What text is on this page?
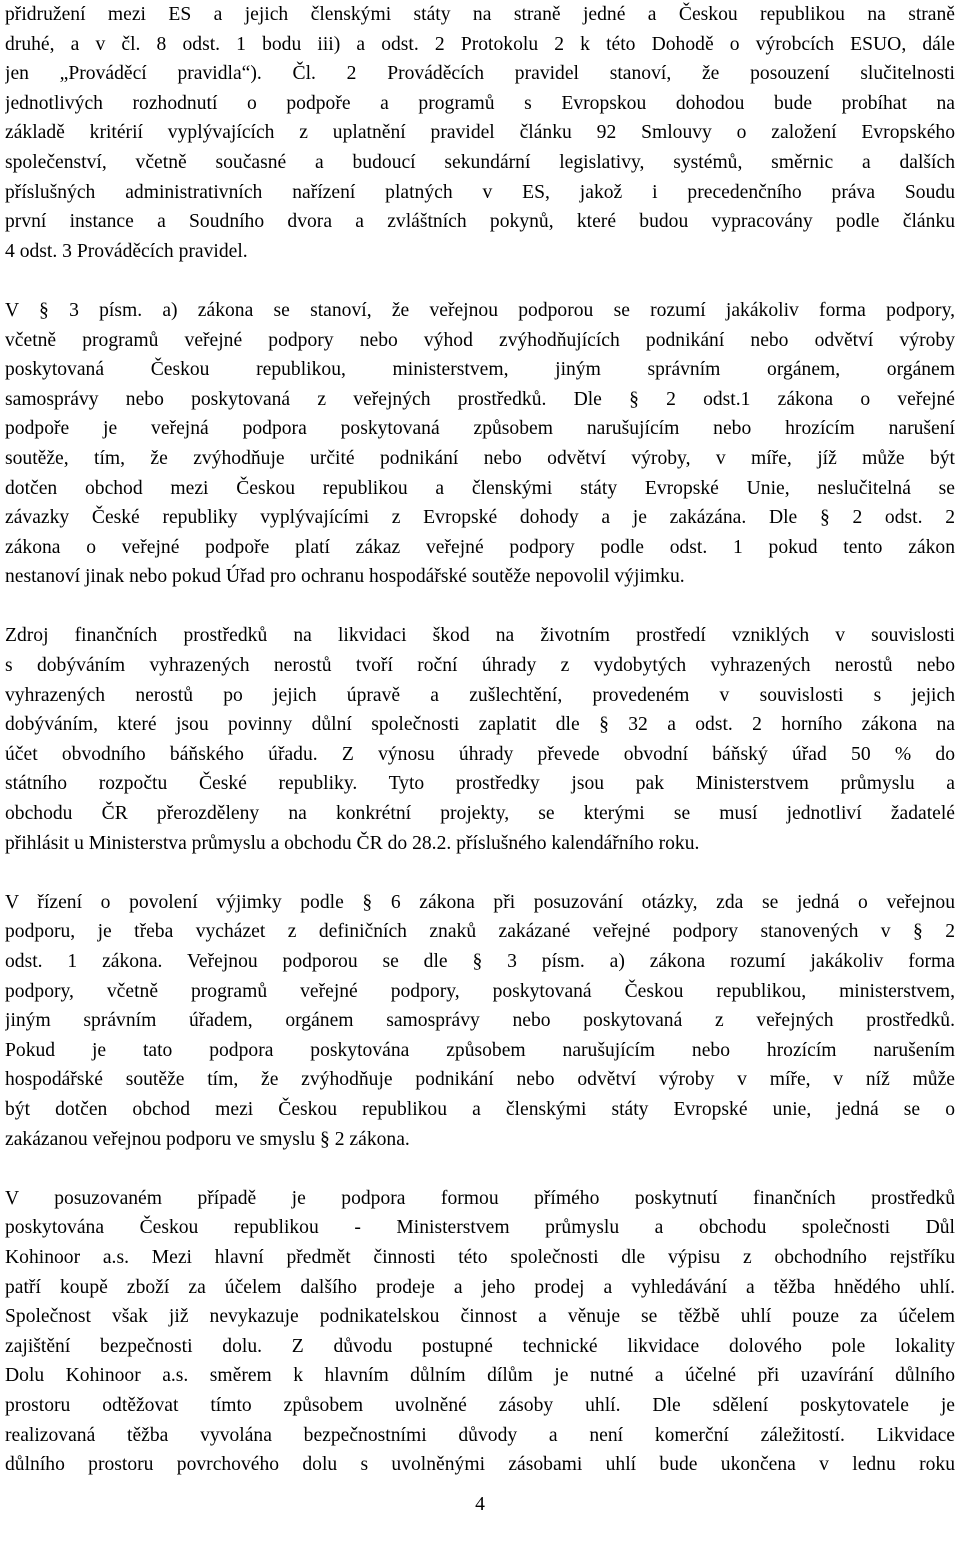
přidružení mezi ES a jejich členskými státy na straně jedné a Českou republikou na straně
druhé, a v čl. 8 odst. 1 bodu iii) a odst. 2 Protokolu 2 k této Dohodě o výrobcích ESUO, dále
jen „Prováděcí pravidla“). Čl. 2 Prováděcích pravidel stanoví, že posouzení slučitelnosti
jednotlivých rozhodnutí o podpoře a programů s Evropskou dohodou bude probíhat na
základě kritérií vyplývajících z uplatnění pravidel článku 92 Smlouvy o založení Evropského
společenství, včetně současné a budoucí sekundární legislativy, systémů, směrnic a dalších
příslušných administrativních nařízení platných v ES, jakož i precedenčního práva Soudu
první instance a Soudního dvora a zvláštních pokynů, které budou vypracovány podle článku
4 odst. 3 Prováděcích pravidel.
V § 3 písm. a) zákona se stanoví, že veřejnou podporou se rozumí jakákoliv forma podpory,
včetně programů veřejné podpory nebo výhod zvýhodňujících podnikání nebo odvětví výroby
poskytovaná Českou republikou, ministerstvem, jiným správním orgánem, orgánem
samosprávy nebo poskytovaná z veřejných prostředků. Dle § 2 odst.1 zákona o veřejné
podpoře je veřejná podpora poskytovaná způsobem narušujícím nebo hrozícím narušení
soutěže, tím, že zvýhodňuje určité podnikání nebo odvětví výroby, v míře, jíž může být
dotčen obchod mezi Českou republikou a členskými státy Evropské Unie, neslučitelná se
závazky České republiky vyplývajícími z Evropské dohody a je zakázána. Dle § 2 odst. 2
zákona o veřejné podpoře platí zákaz veřejné podpory podle odst. 1 pokud tento zákon
nestanoví jinak nebo pokud Úřad pro ochranu hospodářské soutěže nepovolil výjimku.
Zdroj finančních prostředků na likvidaci škod na životním prostředí vzniklých v souvislosti
s dobýváním vyhrazených nerostů tvoří roční úhrady z vydobytých vyhrazených nerostů nebo
vyhrazených nerostů po jejich úpravě a zušlechtění, provedeném v souvislosti s jejich
dobýváním, které jsou povinny důlní společnosti zaplatit dle § 32 a odst. 2 horního zákona na
účet obvodního báňského úřadu. Z výnosu úhrady převede obvodní báňský úřad 50 % do
státního rozpočtu České republiky. Tyto prostředky jsou pak Ministerstvem průmyslu a
obchodu ČR přerozděleny na konkrétní projekty, se kterými se musí jednotliví žadatelé
přihlásit u Ministerstva průmyslu a obchodu ČR do 28.2. příslušného kalendářního roku.
V řízení o povolení výjimky podle § 6 zákona při posuzování otázky, zda se jedná o veřejnou
podporu, je třeba vycházet z definičních znaků zakázané veřejné podpory stanovených v § 2
odst. 1 zákona. Veřejnou podporou se dle § 3 písm. a) zákona rozumí jakákoliv forma
podpory, včetně programů veřejné podpory, poskytovaná Českou republikou, ministerstvem,
jiným správním úřadem, orgánem samosprávy nebo poskytovaná z veřejných prostředků.
Pokud je tato podpora poskytována způsobem narušujícím nebo hrozícím narušením
hospodářské soutěže tím, že zvýhodňuje podnikání nebo odvětví výroby v míře, v níž může
být dotčen obchod mezi Českou republikou a členskými státy Evropské unie, jedná se o
zakázanou veřejnou podporu ve smyslu § 2 zákona.
V posuzovaném případě je podpora formou přímého poskytnutí finančních prostředků
poskytována Českou republikou - Ministerstvem průmyslu a obchodu společnosti Důl
Kohinoor a.s. Mezi hlavní předmět činnosti této společnosti dle výpisu z obchodního rejstříku
patří koupě zboží za účelem dalšího prodeje a jeho prodej a vyhledávání a těžba hnědého uhlí.
Společnost však již nevykazuje podnikatelskou činnost a věnuje se těžbě uhlí pouze za účelem
zajištění bezpečnosti dolu. Z důvodu postupné technické likvidace dolového pole lokality
Dolu Kohinoor a.s. směrem k hlavním důlním dílům je nutné a účelné při uzavírání důlního
prostoru odtěžovat tímto způsobem uvolněné zásoby uhlí. Dle sdělení poskytovatele je
realizovaná těžba vyvolána bezpečnostními důvody a není komerční záležitostí. Likvidace
důlního prostoru povrchového dolu s uvolněnými zásobami uhlí bude ukončena v lednu roku
4
